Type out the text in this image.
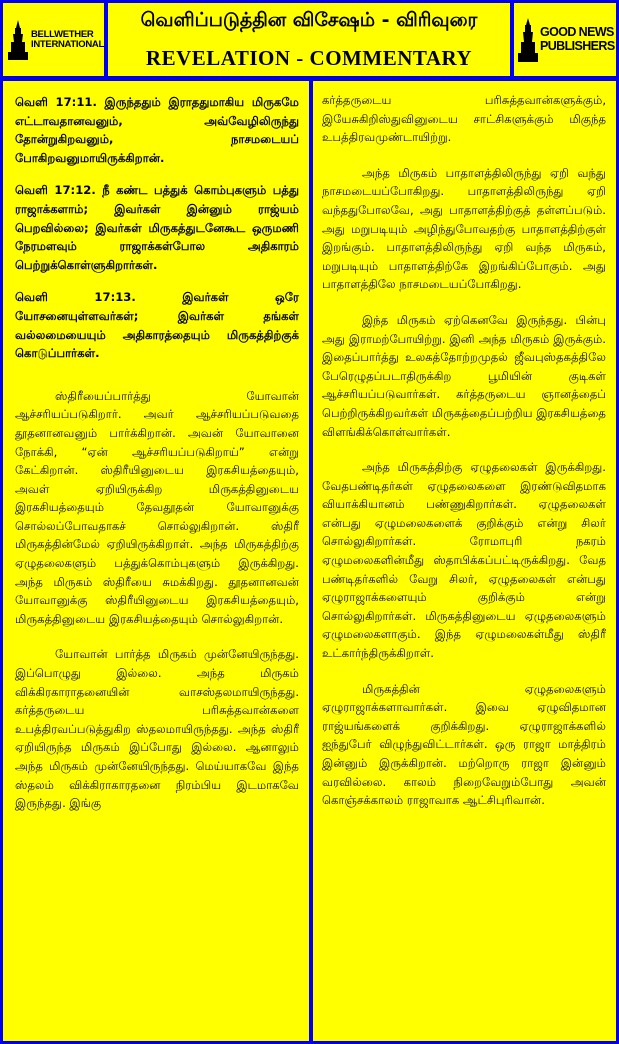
BELLWETHER
INTERNATIONAL
வெளிப்படுத்தின விசேஷம் - விரிவுரை
REVELATION - COMMENTARY
GOOD NEWS
PUBLISHERS

வெளி 17:11. இருந்ததும் இராததுமாகிய மிருகமே எட்டாவதானவனும், அவ்வேழிலிருந்து தோன்றுகிறவனும், நாசமடையப் போகிறவனுமாயிருக்கிறான்.

வெளி 17:12. நீ கண்ட பத்துக் கொம்புகளும் பத்து ராஜாக்களாம்; இவர்கள் இன்னும் ராஜ்யம் பெறவில்லை; இவர்கள் மிருகத்துடனேகூட ஒருமணி நேரமளவும் ராஜாக்கள்போல அதிகாரம் பெற்றுக்கொள்ளுகிறார்கள்.

வெளி 17:13. இவர்கள் ஒரே யோசனையுள்ளவர்கள்; இவர்கள் தங்கள் வல்லமையையும் அதிகாரத்தையும் மிருகத்திற்குக் கொடுப்பார்கள்.

ஸ்திரீயைப்பார்த்து யோவான் ஆச்சரியப்படுகிறார். அவர் ஆச்சரியப்படுவதை தூதனானவனும் பார்க்கிறான். அவன் யோவானை நோக்கி, “ஏன் ஆச்சரியப்படுகிறாய்” என்று கேட்கிறான். ஸ்திரீயினுடைய இரகசியத்தையும், அவள் ஏறியிருக்கிற மிருகத்தினுடைய இரகசியத்தையும் தேவதூதன் யோவானுக்கு சொல்லப்போவதாகச் சொல்லுகிறான். ஸ்திரீ மிருகத்தின்மேல் ஏறியிருக்கிறாள். அந்த மிருகத்திற்கு ஏழுதலைகளும் பத்துக்கொம்புகளும் இருக்கிறது. அந்த மிருகம் ஸ்திரீயை சுமக்கிறது. தூதனானவன் யோவானுக்கு ஸ்திரீயினுடைய இரகசியத்தையும், மிருகத்தினுடைய இரகசியத்தையும் சொல்லுகிறான்.

யோவான் பார்த்த மிருகம் முன்னேயிருந்தது. இப்பொழுது இல்லை. அந்த மிருகம் விக்கிரகாராதனையின் வாசஸ்தலமாயிருந்தது. கர்த்தருடைய பரிசுத்தவான்களை உபத்திரவப்படுத்துகிற ஸ்தலமாயிருந்தது. அந்த ஸ்திரீ ஏறியிருந்த மிருகம் இப்போது இல்லை. ஆனாலும் அந்த மிருகம் முன்னேயிருந்தது. மெய்யாகவே இந்த ஸ்தலம் விக்கிராகாரதனை நிரம்பிய இடமாகவே இருந்தது. இங்கு

கர்த்தருடைய பரிசுத்தவான்களுக்கும், இயேசுகிறிஸ்துவினுடைய சாட்சிகளுக்கும் மிகுந்த உபத்திரவமுண்டாயிற்று.

அந்த மிருகம் பாதாளத்திலிருந்து ஏறி வந்து நாசமடையப்போகிறது. பாதாளத்திலிருந்து ஏறி வந்ததுபோலவே, அது பாதாளத்திற்குத் தள்ளப்படும். அது மறுபடியும் அழிந்துபோவதற்கு பாதாளத்திற்குள் இறங்கும். பாதாளத்திலிருந்து ஏறி வந்த மிருகம், மறுபடியும் பாதாளத்திற்கே இறங்கிப்போகும். அது பாதாளத்திலே நாசமடையப்போகிறது.

இந்த மிருகம் ஏற்கெனவே இருந்தது. பின்பு அது இராமற்போயிற்று. இனி அந்த மிருகம் இருக்கும். இதைப்பார்த்து உலகத்தோற்றமுதல் ஜீவபுஸ்தகத்திலே பேரெழுதப்படாதிருக்கிற பூமியின் குடிகள் ஆச்சரியப்படுவார்கள். கர்த்தருடைய ஞானத்தைப் பெற்றிருக்கிறவர்கள் மிருகத்தைப்பற்றிய இரகசியத்தை விளங்கிக்கொள்வார்கள்.

அந்த மிருகத்திற்கு ஏழுதலைகள் இருக்கிறது. வேதபண்டிதர்கள் ஏழுதலைகளை இரண்டுவிதமாக வியாக்கியானம் பண்ணுகிறார்கள். ஏழுதலைகள் என்பது ஏழுமலைகளைக் குறிக்கும் என்று சிலர் சொல்லுகிறார்கள். ரோமாபுரி நகரம் ஏழுமலைகளின்மீது ஸ்தாபிக்கப்பட்டிருக்கிறது. வேத பண்டிதர்களில் வேறு சிலர், ஏழுதலைகள் என்பது ஏழுராஜாக்களையும் குறிக்கும் என்று சொல்லுகிறார்கள். மிருகத்தினுடைய ஏழுதலைகளும் ஏழுமலைகளாகும். இந்த ஏழுமலைகள்மீது ஸ்திரீ உட்கார்ந்திருக்கிறாள்.

மிருகத்தின் ஏழுதலைகளும் ஏழுராஜாக்களாவார்கள். இவை ஏழுவிதமான ராஜ்யங்களைக் குறிக்கிறது. ஏழுராஜாக்களில் ஐந்துபேர் விழுந்துவிட்டார்கள். ஒரு ராஜா மாத்திரம் இன்னும் இருக்கிறான். மற்றொரு ராஜா இன்னும் வரவில்லை. காலம் நிறைவேறும்போது அவன் கொஞ்சக்காலம் ராஜாவாக ஆட்சிபுரிவான்.
